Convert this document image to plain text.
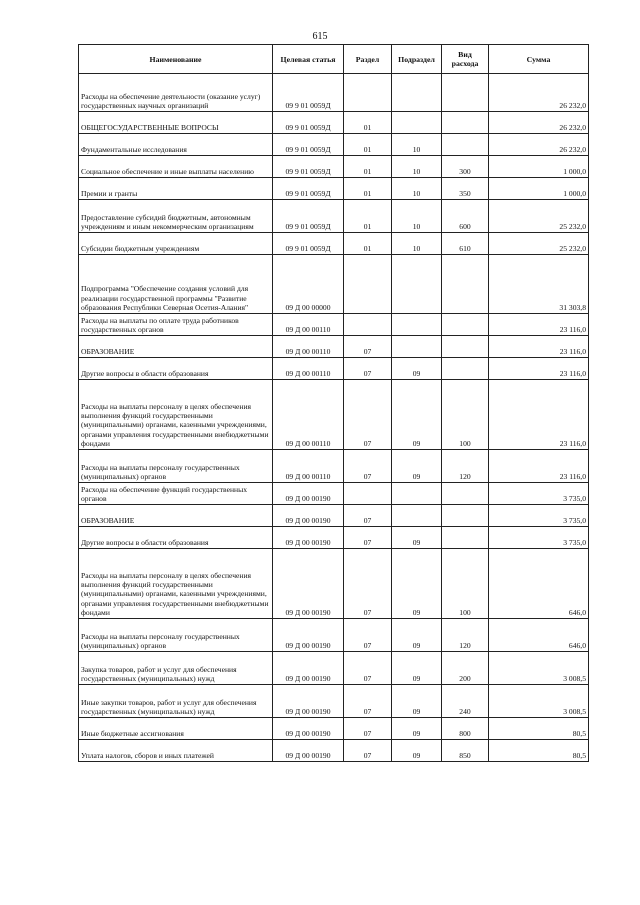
615
Наименование	Целевая статья	Раздел	Подраздел	Вид расхода	Сумма
Расходы на обеспечение деятельности (оказание услуг) государственных научных организаций	09 9 01 0059Д				26 232,0
ОБЩЕГОСУДАРСТВЕННЫЕ ВОПРОСЫ	09 9 01 0059Д	01			26 232,0
Фундаментальные исследования	09 9 01 0059Д	01	10		26 232,0
Социальное обеспечение и иные выплаты населению	09 9 01 0059Д	01	10	300	1 000,0
Премии и гранты	09 9 01 0059Д	01	10	350	1 000,0
Предоставление субсидий бюджетным, автономным учреждениям и иным некоммерческим организациям	09 9 01 0059Д	01	10	600	25 232,0
Субсидии бюджетным учреждениям	09 9 01 0059Д	01	10	610	25 232,0
Подпрограмма "Обеспечение создания условий для реализации государственной программы "Развитие образования Республики Северная Осетия-Алания"	09 Д 00 00000				31 303,8
Расходы на выплаты по оплате труда работников государственных органов	09 Д 00 00110				23 116,0
ОБРАЗОВАНИЕ	09 Д 00 00110	07			23 116,0
Другие вопросы в области образования	09 Д 00 00110	07	09		23 116,0
Расходы на выплаты персоналу в целях обеспечения выполнения функций государственными (муниципальными) органами, казенными учреждениями, органами управления государственными внебюджетными фондами	09 Д 00 00110	07	09	100	23 116,0
Расходы на выплаты персоналу государственных (муниципальных) органов	09 Д 00 00110	07	09	120	23 116,0
Расходы на обеспечение функций государственных органов	09 Д 00 00190				3 735,0
ОБРАЗОВАНИЕ	09 Д 00 00190	07			3 735,0
Другие вопросы в области образования	09 Д 00 00190	07	09		3 735,0
Расходы на выплаты персоналу в целях обеспечения выполнения функций государственными (муниципальными) органами, казенными учреждениями, органами управления государственными внебюджетными фондами	09 Д 00 00190	07	09	100	646,0
Расходы на выплаты персоналу государственных (муниципальных) органов	09 Д 00 00190	07	09	120	646,0
Закупка товаров, работ и услуг для обеспечения государственных (муниципальных) нужд	09 Д 00 00190	07	09	200	3 008,5
Иные закупки товаров, работ и услуг для обеспечения государственных (муниципальных) нужд	09 Д 00 00190	07	09	240	3 008,5
Иные бюджетные ассигнования	09 Д 00 00190	07	09	800	80,5
Уплата налогов, сборов и иных платежей	09 Д 00 00190	07	09	850	80,5
